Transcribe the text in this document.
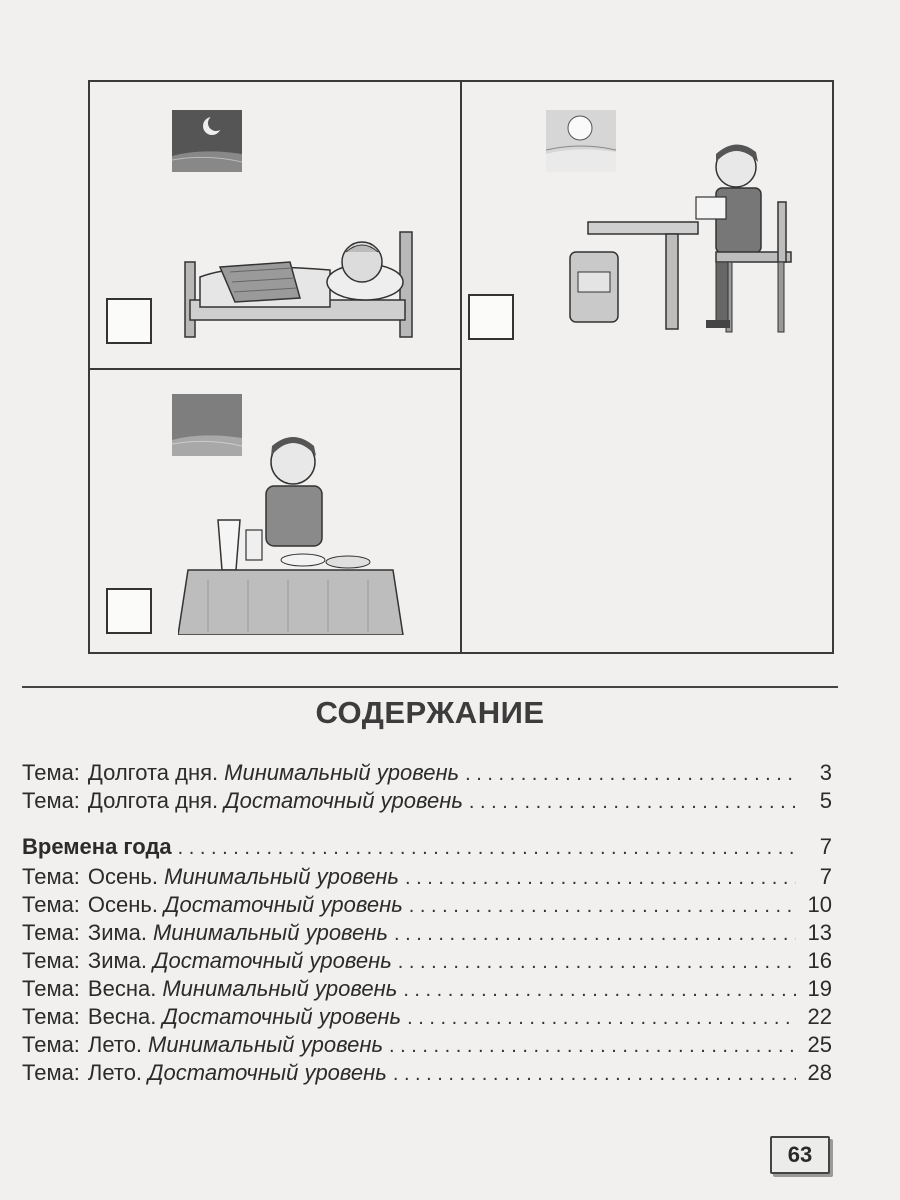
СОДЕРЖАНИЕ
Тема: Долгота дня. Минимальный уровень . . .	3
Тема: Долгота дня. Достаточный уровень . . .	5
Времена года . . .	7
Тема: Осень. Минимальный уровень . . .	7
Тема: Осень. Достаточный уровень . . .	10
Тема: Зима. Минимальный уровень . . .	13
Тема: Зима. Достаточный уровень . . .	16
Тема: Весна. Минимальный уровень . . .	19
Тема: Весна. Достаточный уровень . . .	22
Тема: Лето. Минимальный уровень . . .	25
Тема: Лето. Достаточный уровень . . .	28
63
